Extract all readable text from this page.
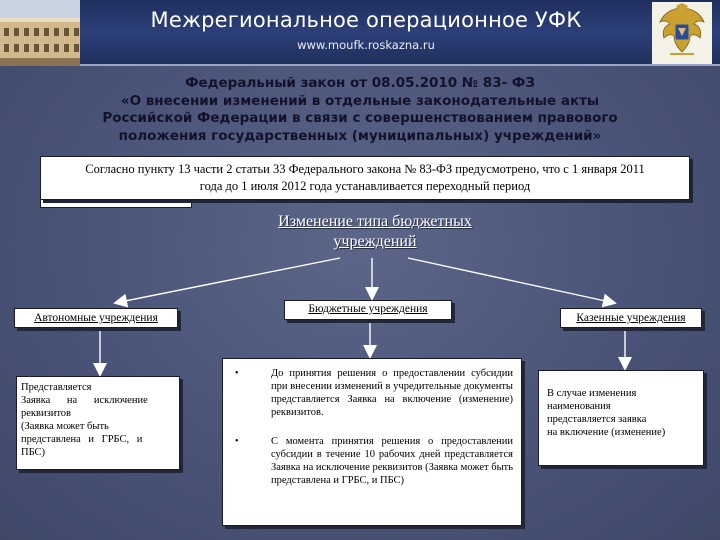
Межрегиональное операционное УФК
www.moufk.roskazna.ru
Федеральный закон от 08.05.2010 № 83- ФЗ
«О внесении изменений в отдельные законодательные акты
Российской Федерации в связи с совершенствованием правового
положения государственных (муниципальных) учреждений»
Согласно пункту 13 части 2 статьи 33 Федерального закона № 83-ФЗ предусмотрено, что с 1 января 2011 года до 1 июля 2012 года устанавливается переходный период
Изменение типа бюджетных
учреждений
Автономные учреждения
Бюджетные учреждения
Казенные учреждения
Представляется
Заявка на исключение
реквизитов
(Заявка может быть
представлена и ГРБС, и
ПБС)
•	До принятия решения о предоставлении субсидии при внесении изменений в учредительные документы представляется Заявка на включение (изменение) реквизитов.
•	С момента принятия решения о предоставлении субсидии в течение 10 рабочих дней представляется Заявка на исключение реквизитов (Заявка может быть представлена и ГРБС, и ПБС)
В случае изменения
наименования
представляется заявка
на включение (изменение)
